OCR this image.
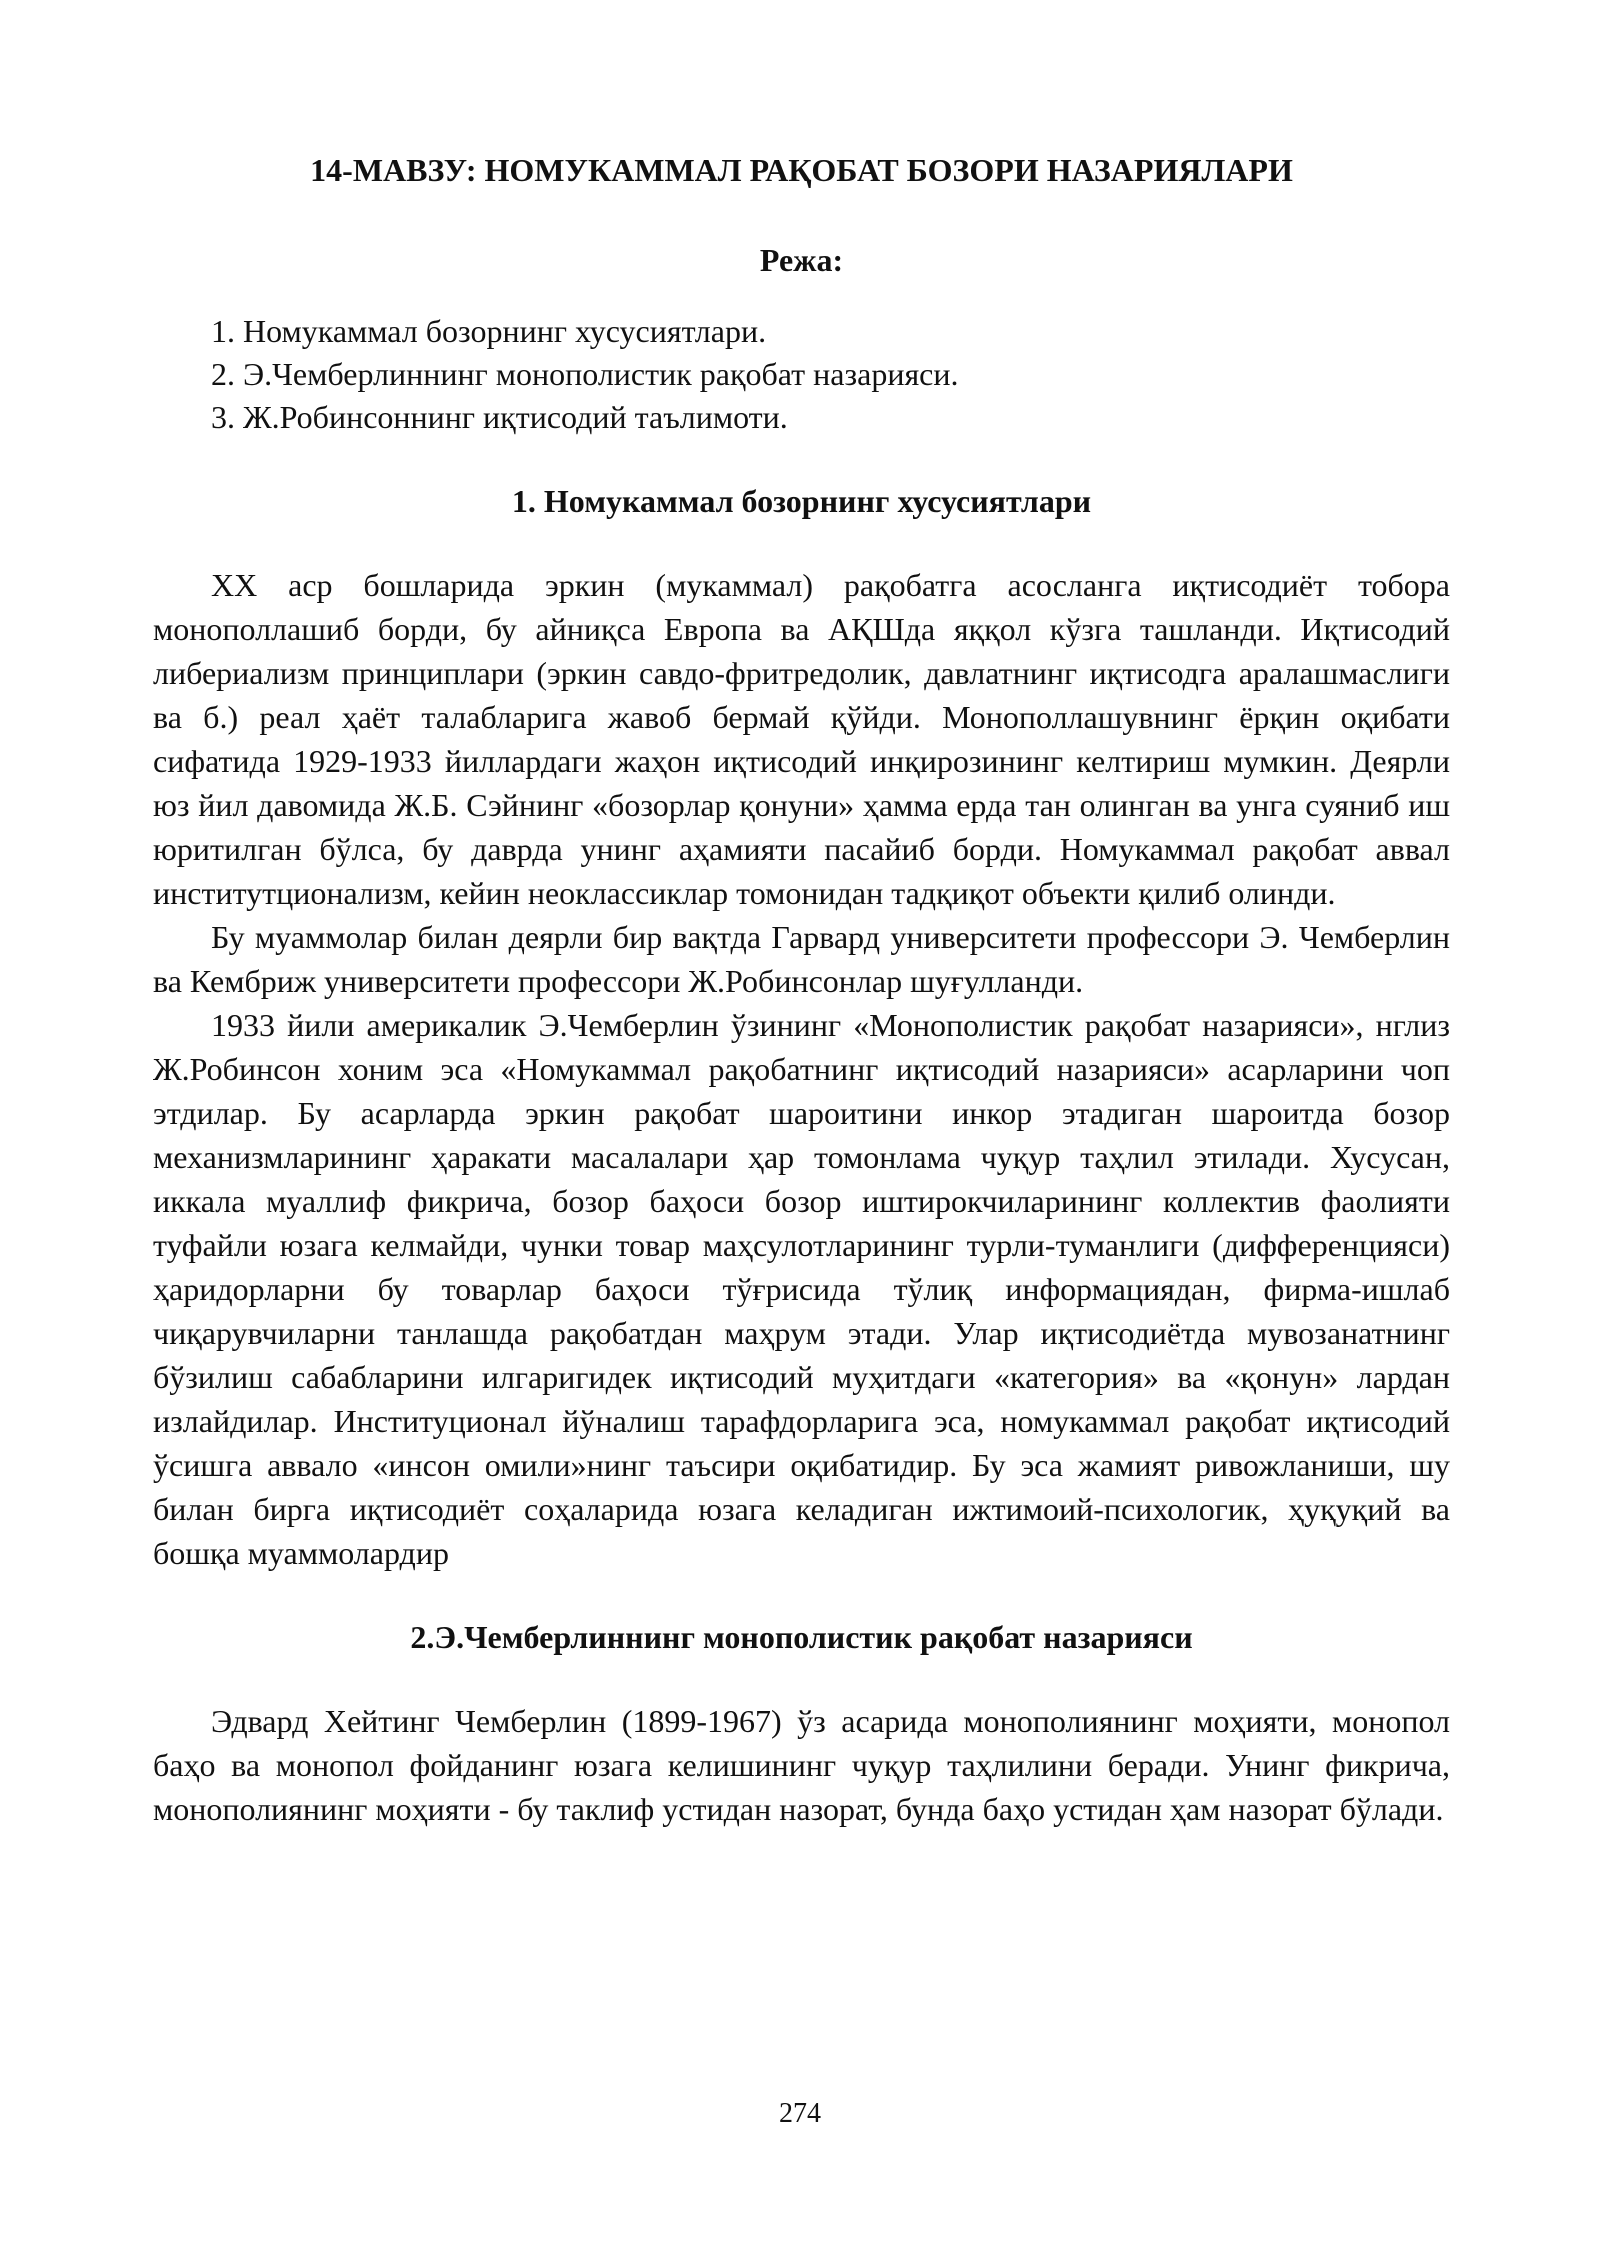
14-МАВЗУ: НОМУКАММАЛ РАҚОБАТ БОЗОРИ НАЗАРИЯЛАРИ
Режа:
1. Номукаммал бозорнинг хусусиятлари.
2. Э.Чемберлиннинг монополистик рақобат назарияси.
3. Ж.Робинсоннинг иқтисодий таълимоти.
1. Номукаммал бозорнинг хусусиятлари

XX аср бошларида эркин (мукаммал) рақобатга асосланга иқтисодиёт тобора монополлашиб борди, бу айниқса Европа ва АҚШда яққол кўзга ташланди. Иқтисодий либериализм принциплари (эркин савдо-фритредолик, давлатнинг иқтисодга аралашмаслиги ва б.) реал ҳаёт талабларига жавоб бермай қўйди. Монополлашувнинг ёрқин оқибати сифатида 1929-1933 йиллардаги жаҳон иқтисодий инқирозининг келтириш мумкин. Деярли юз йил давомида Ж.Б. Сэйнинг «бозорлар қонуни» ҳамма ерда тан олинган ва унга суяниб иш юритилган бўлса, бу даврда унинг аҳамияти пасайиб борди. Номукаммал рақобат аввал институтционализм, кейин неоклассиклар томонидан тадқиқот объекти қилиб олинди.

Бу муаммолар билан деярли бир вақтда Гарвард университети профессори Э. Чемберлин ва Кембриж университети профессори Ж.Робинсонлар шуғулланди.

1933 йили америкалик Э.Чемберлин ўзининг «Монополистик рақобат назарияси», нглиз Ж.Робинсон хоним эса «Номукаммал рақобатнинг иқтисодий назарияси» асарларини чоп этдилар. Бу асарларда эркин рақобат шароитини инкор этадиган шароитда бозор механизмларининг ҳаракати масалалари ҳар томонлама чуқур таҳлил этилади. Хусусан, иккала муаллиф фикрича, бозор баҳоси бозор иштирокчиларининг коллектив фаолияти туфайли юзага келмайди, чунки товар маҳсулотларининг турли-туманлиги (дифференцияси) ҳаридорларни бу товарлар баҳоси тўғрисида тўлиқ информациядан, фирма-ишлаб чиқарувчиларни танлашда рақобатдан маҳрум этади. Улар иқтисодиётда мувозанатнинг бўзилиш сабабларини илгаригидек иқтисодий муҳитдаги «категория» ва «қонун» лардан излайдилар. Институционал йўналиш тарафдорларига эса, номукаммал рақобат иқтисодий ўсишга аввало «инсон омили»нинг таъсири оқибатидир. Бу эса жамият ривожланиши, шу билан бирга иқтисодиёт соҳаларида юзага келадиган ижтимоий-психологик, ҳуқуқий ва бошқа муаммолардир

2.Э.Чемберлиннинг монополистик рақобат назарияси

Эдвард Хейтинг Чемберлин (1899-1967) ўз асарида монополиянинг моҳияти, монопол баҳо ва монопол фойданинг юзага келишининг чуқур таҳлилини беради. Унинг фикрича, монополиянинг моҳияти - бу таклиф устидан назорат, бунда баҳо устидан ҳам назорат бўлади.

274
